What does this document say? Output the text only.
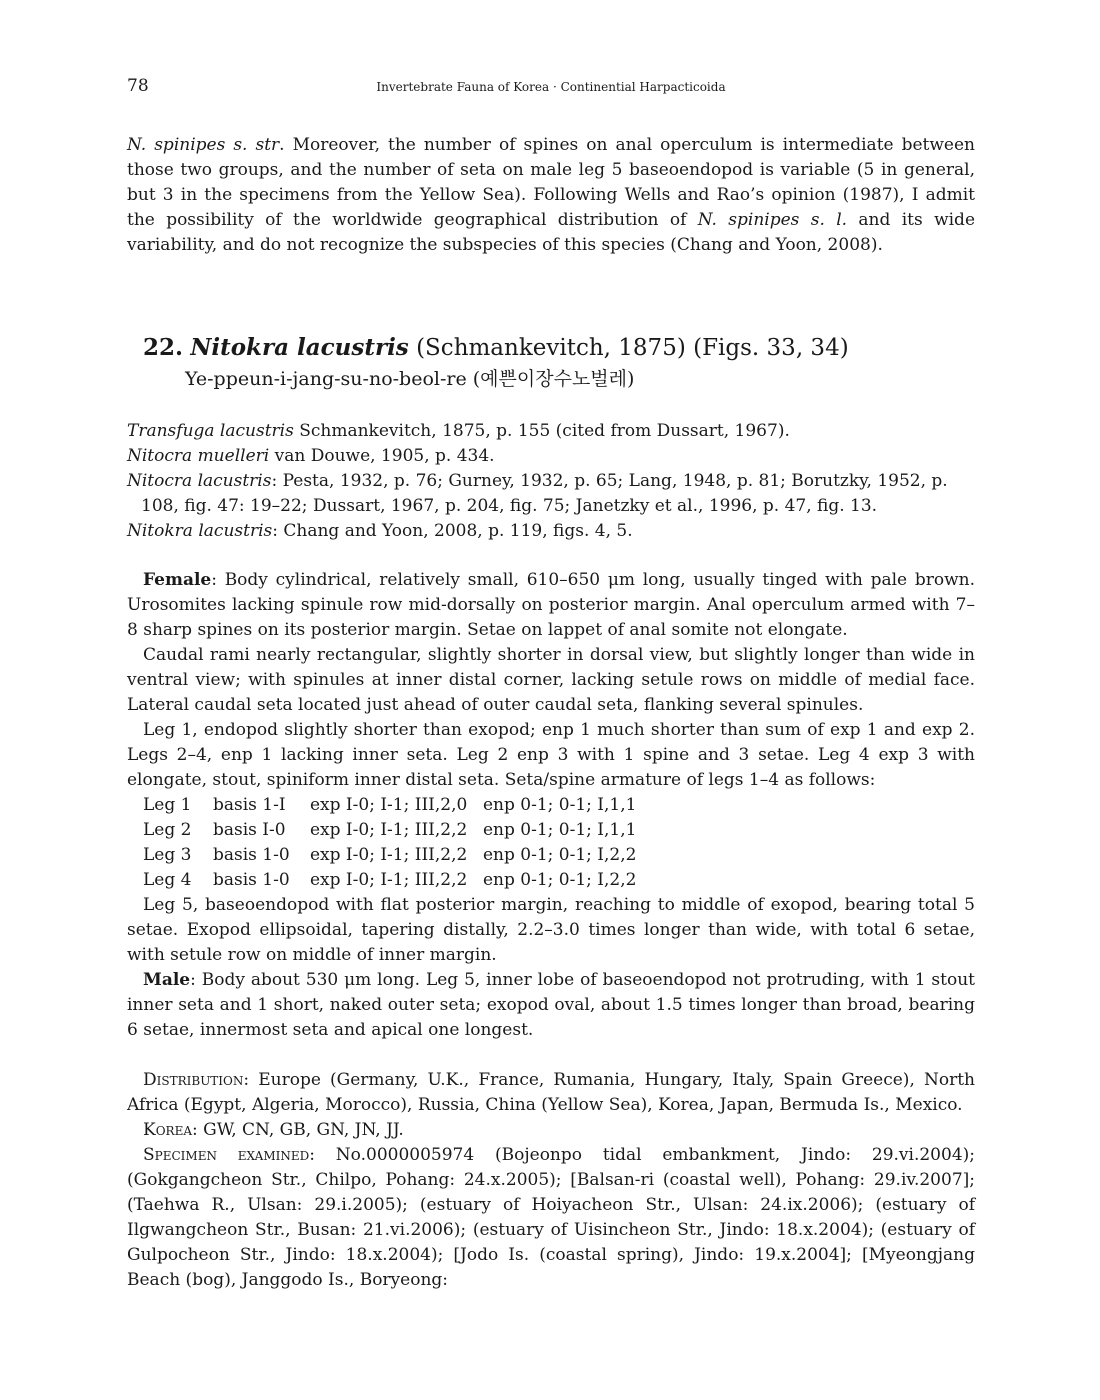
78	Invertebrate Fauna of Korea · Continential Harpacticoida

N. spinipes s. str. Moreover, the number of spines on anal operculum is intermediate between those two groups, and the number of seta on male leg 5 baseoendopod is variable (5 in general, but 3 in the specimens from the Yellow Sea). Following Wells and Rao’s opinion (1987), I admit the possibility of the worldwide geographical distribution of N. spinipes s. l. and its wide variability, and do not recognize the subspecies of this species (Chang and Yoon, 2008).

22. Nitokra lacustris (Schmankevitch, 1875) (Figs. 33, 34)
Ye-ppeun-i-jang-su-no-beol-re (예쁜이장수노벌레)

Transfuga lacustris Schmankevitch, 1875, p. 155 (cited from Dussart, 1967).

Nitocra muelleri van Douwe, 1905, p. 434.

Nitocra lacustris: Pesta, 1932, p. 76; Gurney, 1932, p. 65; Lang, 1948, p. 81; Borutzky, 1952, p. 108, fig. 47: 19–22; Dussart, 1967, p. 204, fig. 75; Janetzky et al., 1996, p. 47, fig. 13.

Nitokra lacustris: Chang and Yoon, 2008, p. 119, figs. 4, 5.

Female: Body cylindrical, relatively small, 610–650 μm long, usually tinged with pale brown. Urosomites lacking spinule row mid-dorsally on posterior margin. Anal operculum armed with 7–8 sharp spines on its posterior margin. Setae on lappet of anal somite not elongate.

Caudal rami nearly rectangular, slightly shorter in dorsal view, but slightly longer than wide in ventral view; with spinules at inner distal corner, lacking setule rows on middle of medial face. Lateral caudal seta located just ahead of outer caudal seta, flanking several spinules.

Leg 1, endopod slightly shorter than exopod; enp 1 much shorter than sum of exp 1 and exp 2. Legs 2–4, enp 1 lacking inner seta. Leg 2 enp 3 with 1 spine and 3 setae. Leg 4 exp 3 with elongate, stout, spiniform inner distal seta. Seta/spine armature of legs 1–4 as follows:

Leg 1	basis 1-I	exp I-0; I-1; III,2,0	enp 0-1; 0-1; I,1,1
Leg 2	basis I-0	exp I-0; I-1; III,2,2	enp 0-1; 0-1; I,1,1
Leg 3	basis 1-0	exp I-0; I-1; III,2,2	enp 0-1; 0-1; I,2,2
Leg 4	basis 1-0	exp I-0; I-1; III,2,2	enp 0-1; 0-1; I,2,2

Leg 5, baseoendopod with flat posterior margin, reaching to middle of exopod, bearing total 5 setae. Exopod ellipsoidal, tapering distally, 2.2–3.0 times longer than wide, with total 6 setae, with setule row on middle of inner margin.

Male: Body about 530 μm long. Leg 5, inner lobe of baseoendopod not protruding, with 1 stout inner seta and 1 short, naked outer seta; exopod oval, about 1.5 times longer than broad, bearing 6 setae, innermost seta and apical one longest.

Distribution: Europe (Germany, U.K., France, Rumania, Hungary, Italy, Spain Greece), North Africa (Egypt, Algeria, Morocco), Russia, China (Yellow Sea), Korea, Japan, Bermuda Is., Mexico.

Korea: GW, CN, GB, GN, JN, JJ.

Specimen examined: No.0000005974 (Bojeonpo tidal embankment, Jindo: 29.vi.2004); (Gokgangcheon Str., Chilpo, Pohang: 24.x.2005); [Balsan-ri (coastal well), Pohang: 29.iv.2007]; (Taehwa R., Ulsan: 29.i.2005); (estuary of Hoiyacheon Str., Ulsan: 24.ix.2006); (estuary of Ilgwangcheon Str., Busan: 21.vi.2006); (estuary of Uisincheon Str., Jindo: 18.x.2004); (estuary of Gulpocheon Str., Jindo: 18.x.2004); [Jodo Is. (coastal spring), Jindo: 19.x.2004]; [Myeongjang Beach (bog), Janggodo Is., Boryeong:
